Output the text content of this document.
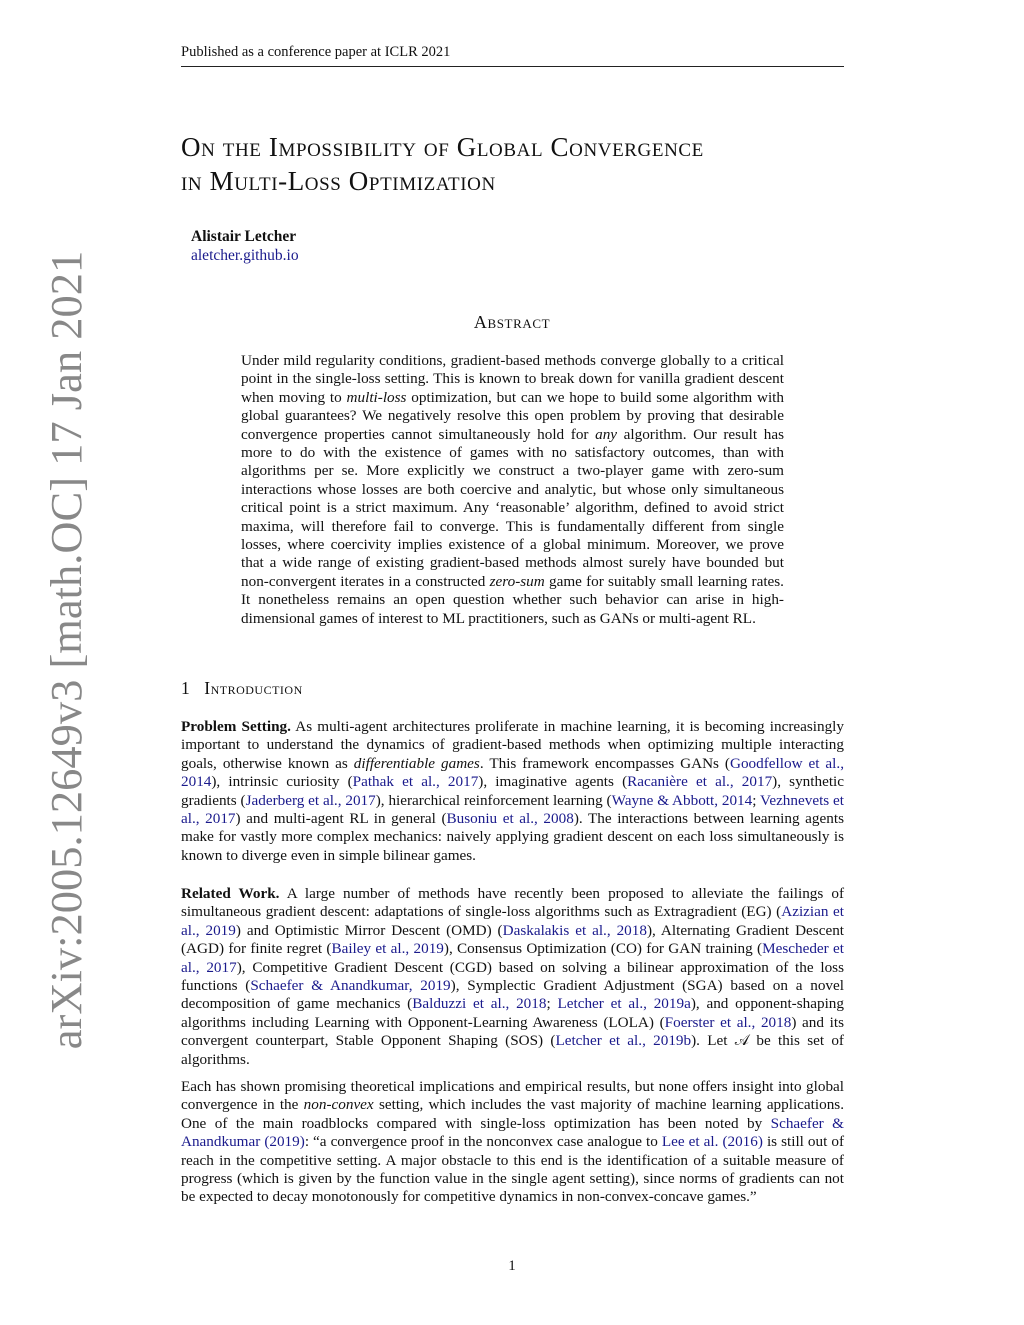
Published as a conference paper at ICLR 2021
arXiv:2005.12649v3 [math.OC] 17 Jan 2021
On the Impossibility of Global Convergence
in Multi-Loss Optimization
Alistair Letcher
aletcher.github.io
Abstract

Under mild regularity conditions, gradient-based methods converge globally to a critical point in the single-loss setting. This is known to break down for vanilla gradient descent when moving to multi-loss optimization, but can we hope to build some algorithm with global guarantees? We negatively resolve this open problem by proving that desirable convergence properties cannot simultaneously hold for any algorithm. Our result has more to do with the existence of games with no satisfactory outcomes, than with algorithms per se. More explicitly we construct a two-player game with zero-sum interactions whose losses are both coercive and analytic, but whose only simultaneous critical point is a strict maximum. Any ‘reasonable’ algorithm, defined to avoid strict maxima, will therefore fail to converge. This is fundamentally different from single losses, where coercivity implies existence of a global minimum. Moreover, we prove that a wide range of existing gradient-based methods almost surely have bounded but non-convergent iterates in a constructed zero-sum game for suitably small learning rates. It nonetheless remains an open question whether such behavior can arise in high-dimensional games of interest to ML practitioners, such as GANs or multi-agent RL.

1 Introduction

Problem Setting. As multi-agent architectures proliferate in machine learning, it is becoming increasingly important to understand the dynamics of gradient-based methods when optimizing multiple interacting goals, otherwise known as differentiable games. This framework encompasses GANs (Goodfellow et al., 2014), intrinsic curiosity (Pathak et al., 2017), imaginative agents (Racanière et al., 2017), synthetic gradients (Jaderberg et al., 2017), hierarchical reinforcement learning (Wayne & Abbott, 2014; Vezhnevets et al., 2017) and multi-agent RL in general (Busoniu et al., 2008). The interactions between learning agents make for vastly more complex mechanics: naively applying gradient descent on each loss simultaneously is known to diverge even in simple bilinear games.

Related Work. A large number of methods have recently been proposed to alleviate the failings of simultaneous gradient descent: adaptations of single-loss algorithms such as Extragradient (EG) (Azizian et al., 2019) and Optimistic Mirror Descent (OMD) (Daskalakis et al., 2018), Alternating Gradient Descent (AGD) for finite regret (Bailey et al., 2019), Consensus Optimization (CO) for GAN training (Mescheder et al., 2017), Competitive Gradient Descent (CGD) based on solving a bilinear approximation of the loss functions (Schaefer & Anandkumar, 2019), Symplectic Gradient Adjustment (SGA) based on a novel decomposition of game mechanics (Balduzzi et al., 2018; Letcher et al., 2019a), and opponent-shaping algorithms including Learning with Opponent-Learning Awareness (LOLA) (Foerster et al., 2018) and its convergent counterpart, Stable Opponent Shaping (SOS) (Letcher et al., 2019b). Let 𝒜 be this set of algorithms.

Each has shown promising theoretical implications and empirical results, but none offers insight into global convergence in the non-convex setting, which includes the vast majority of machine learning applications. One of the main roadblocks compared with single-loss optimization has been noted by Schaefer & Anandkumar (2019): “a convergence proof in the nonconvex case analogue to Lee et al. (2016) is still out of reach in the competitive setting. A major obstacle to this end is the identification of a suitable measure of progress (which is given by the function value in the single agent setting), since norms of gradients can not be expected to decay monotonously for competitive dynamics in non-convex-concave games.”

1
